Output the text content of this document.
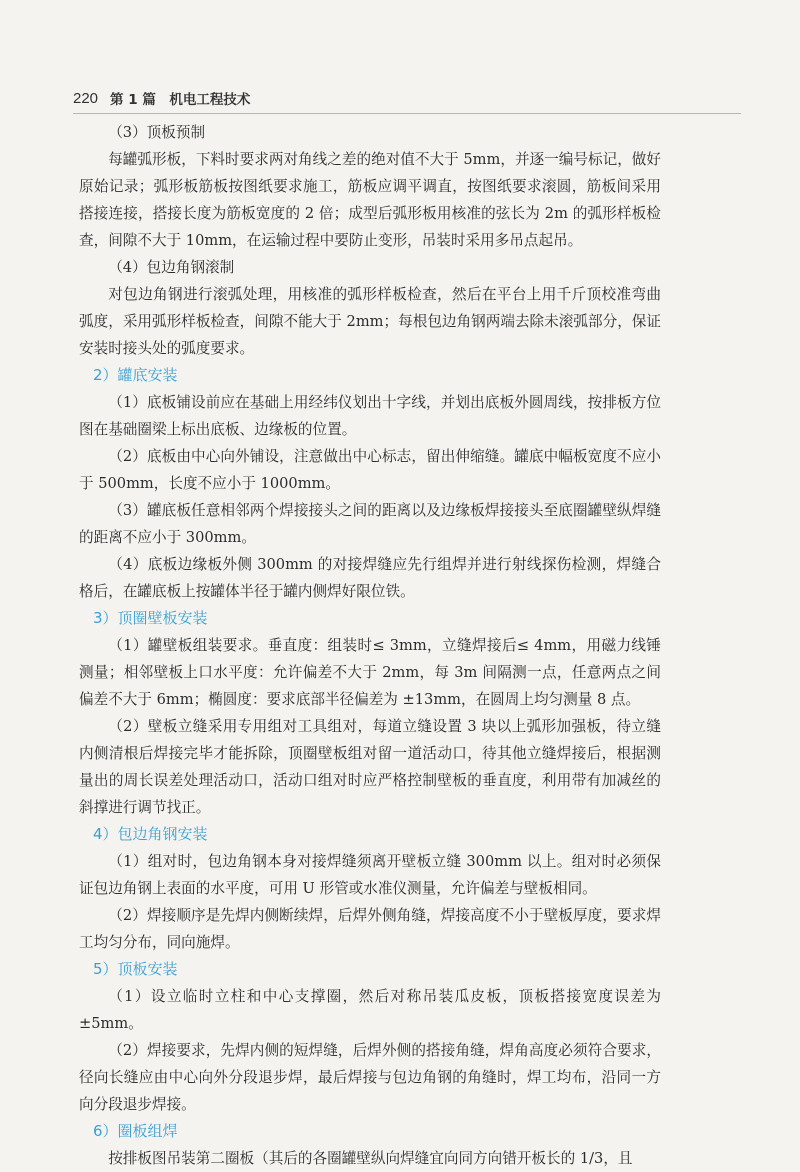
220 第 1 篇　机电工程技术

（3）顶板预制

每罐弧形板，下料时要求两对角线之差的绝对值不大于 5mm，并逐一编号标记，做好原始记录；弧形板筋板按图纸要求施工，筋板应调平调直，按图纸要求滚圆，筋板间采用搭接连接，搭接长度为筋板宽度的 2 倍；成型后弧形板用核准的弦长为 2m 的弧形样板检查，间隙不大于 10mm，在运输过程中要防止变形，吊装时采用多吊点起吊。

（4）包边角钢滚制

对包边角钢进行滚弧处理，用核准的弧形样板检查，然后在平台上用千斤顶校准弯曲弧度，采用弧形样板检查，间隙不能大于 2mm；每根包边角钢两端去除未滚弧部分，保证安装时接头处的弧度要求。

2）罐底安装

（1）底板铺设前应在基础上用经纬仪划出十字线，并划出底板外圆周线，按排板方位图在基础圈梁上标出底板、边缘板的位置。

（2）底板由中心向外铺设，注意做出中心标志，留出伸缩缝。罐底中幅板宽度不应小于 500mm，长度不应小于 1000mm。

（3）罐底板任意相邻两个焊接接头之间的距离以及边缘板焊接接头至底圈罐壁纵焊缝的距离不应小于 300mm。

（4）底板边缘板外侧 300mm 的对接焊缝应先行组焊并进行射线探伤检测，焊缝合格后，在罐底板上按罐体半径于罐内侧焊好限位铁。

3）顶圈壁板安装

（1）罐壁板组装要求。垂直度：组装时≤ 3mm，立缝焊接后≤ 4mm，用磁力线锤测量；相邻壁板上口水平度：允许偏差不大于 2mm，每 3m 间隔测一点，任意两点之间偏差不大于 6mm；椭圆度：要求底部半径偏差为 ±13mm，在圆周上均匀测量 8 点。

（2）壁板立缝采用专用组对工具组对，每道立缝设置 3 块以上弧形加强板，待立缝内侧清根后焊接完毕才能拆除，顶圈壁板组对留一道活动口，待其他立缝焊接后，根据测量出的周长误差处理活动口，活动口组对时应严格控制壁板的垂直度，利用带有加减丝的斜撑进行调节找正。

4）包边角钢安装

（1）组对时，包边角钢本身对接焊缝须离开壁板立缝 300mm 以上。组对时必须保证包边角钢上表面的水平度，可用 U 形管或水准仪测量，允许偏差与壁板相同。

（2）焊接顺序是先焊内侧断续焊，后焊外侧角缝，焊接高度不小于壁板厚度，要求焊工均匀分布，同向施焊。

5）顶板安装

（1）设立临时立柱和中心支撑圈，然后对称吊装瓜皮板，顶板搭接宽度误差为 ±5mm。

（2）焊接要求，先焊内侧的短焊缝，后焊外侧的搭接角缝，焊角高度必须符合要求，径向长缝应由中心向外分段退步焊，最后焊接与包边角钢的角缝时，焊工均布，沿同一方向分段退步焊接。

6）圈板组焊

按排板图吊装第二圈板（其后的各圈罐壁纵向焊缝宜向同方向错开板长的 1/3，且
